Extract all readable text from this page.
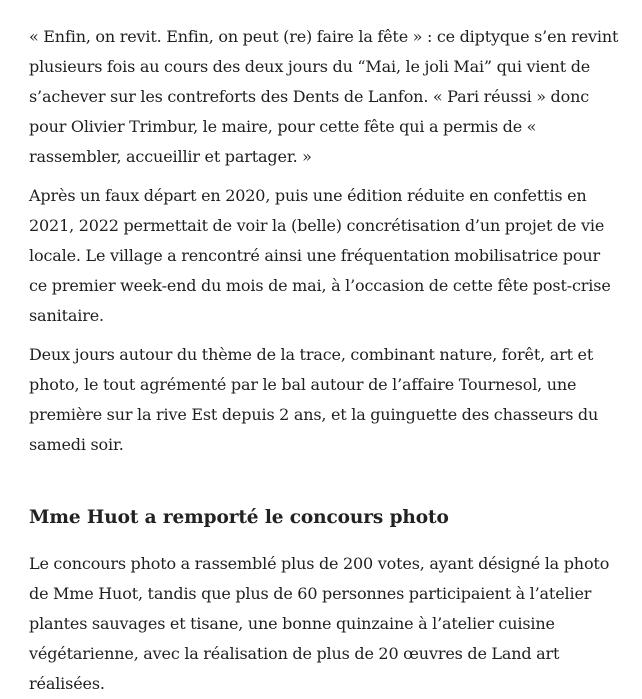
« Enfin, on revit. Enfin, on peut (re) faire la fête » : ce diptyque s’en revint plusieurs fois au cours des deux jours du “Mai, le joli Mai” qui vient de s’achever sur les contreforts des Dents de Lanfon. « Pari réussi » donc pour Olivier Trimbur, le maire, pour cette fête qui a permis de « rassembler, accueillir et partager. »

Après un faux départ en 2020, puis une édition réduite en confettis en 2021, 2022 permettait de voir la (belle) concrétisation d’un projet de vie locale. Le village a rencontré ainsi une fréquentation mobilisatrice pour ce premier week-end du mois de mai, à l’occasion de cette fête post-crise sanitaire.

Deux jours autour du thème de la trace, combinant nature, forêt, art et photo, le tout agrémenté par le bal autour de l’affaire Tournesol, une première sur la rive Est depuis 2 ans, et la guinguette des chasseurs du samedi soir.

Mme Huot a remporté le concours photo

Le concours photo a rassemblé plus de 200 votes, ayant désigné la photo de Mme Huot, tandis que plus de 60 personnes participaient à l’atelier plantes sauvages et tisane, une bonne quinzaine à l’atelier cuisine végétarienne, avec la réalisation de plus de 20 œuvres de Land art réalisées.
